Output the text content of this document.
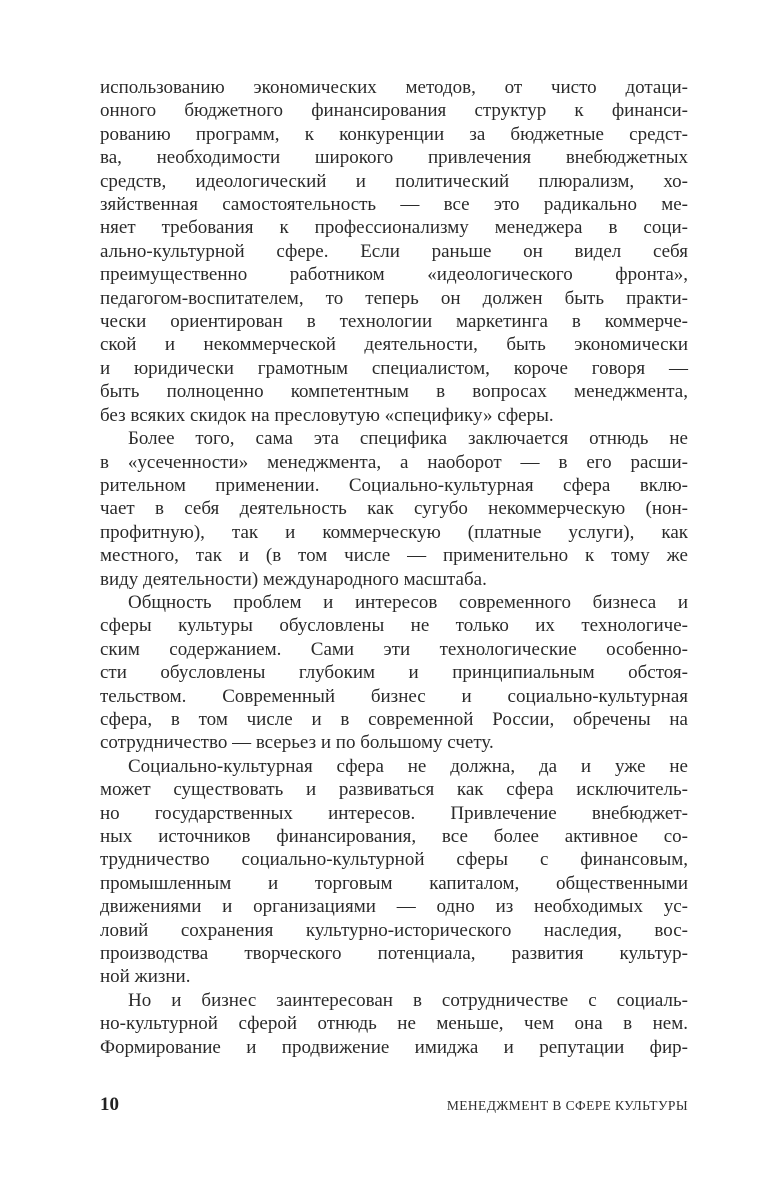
использованию экономических методов, от чисто дотаци-
онного бюджетного финансирования структур к финанси-
рованию программ, к конкуренции за бюджетные средст-
ва, необходимости широкого привлечения внебюджетных
средств, идеологический и политический плюрализм, хо-
зяйственная самостоятельность — все это радикально ме-
няет требования к профессионализму менеджера в соци-
ально-культурной сфере. Если раньше он видел себя
преимущественно работником «идеологического фронта»,
педагогом-воспитателем, то теперь он должен быть практи-
чески ориентирован в технологии маркетинга в коммерче-
ской и некоммерческой деятельности, быть экономически
и юридически грамотным специалистом, короче говоря —
быть полноценно компетентным в вопросах менеджмента,
без всяких скидок на пресловутую «специфику» сферы.
Более того, сама эта специфика заключается отнюдь не
в «усеченности» менеджмента, а наоборот — в его расши-
рительном применении. Социально-культурная сфера вклю-
чает в себя деятельность как сугубо некоммерческую (нон-
профитную), так и коммерческую (платные услуги), как
местного, так и (в том числе — применительно к тому же
виду деятельности) международного масштаба.
Общность проблем и интересов современного бизнеса и
сферы культуры обусловлены не только их технологиче-
ским содержанием. Сами эти технологические особенно-
сти обусловлены глубоким и принципиальным обстоя-
тельством. Современный бизнес и социально-культурная
сфера, в том числе и в современной России, обречены на
сотрудничество — всерьез и по большому счету.
Социально-культурная сфера не должна, да и уже не
может существовать и развиваться как сфера исключитель-
но государственных интересов. Привлечение внебюджет-
ных источников финансирования, все более активное со-
трудничество социально-культурной сферы с финансовым,
промышленным и торговым капиталом, общественными
движениями и организациями — одно из необходимых ус-
ловий сохранения культурно-исторического наследия, вос-
производства творческого потенциала, развития культур-
ной жизни.
Но и бизнес заинтересован в сотрудничестве с социаль-
но-культурной сферой отнюдь не меньше, чем она в нем.
Формирование и продвижение имиджа и репутации фир-
10	МЕНЕДЖМЕНТ В СФЕРЕ КУЛЬТУРЫ
